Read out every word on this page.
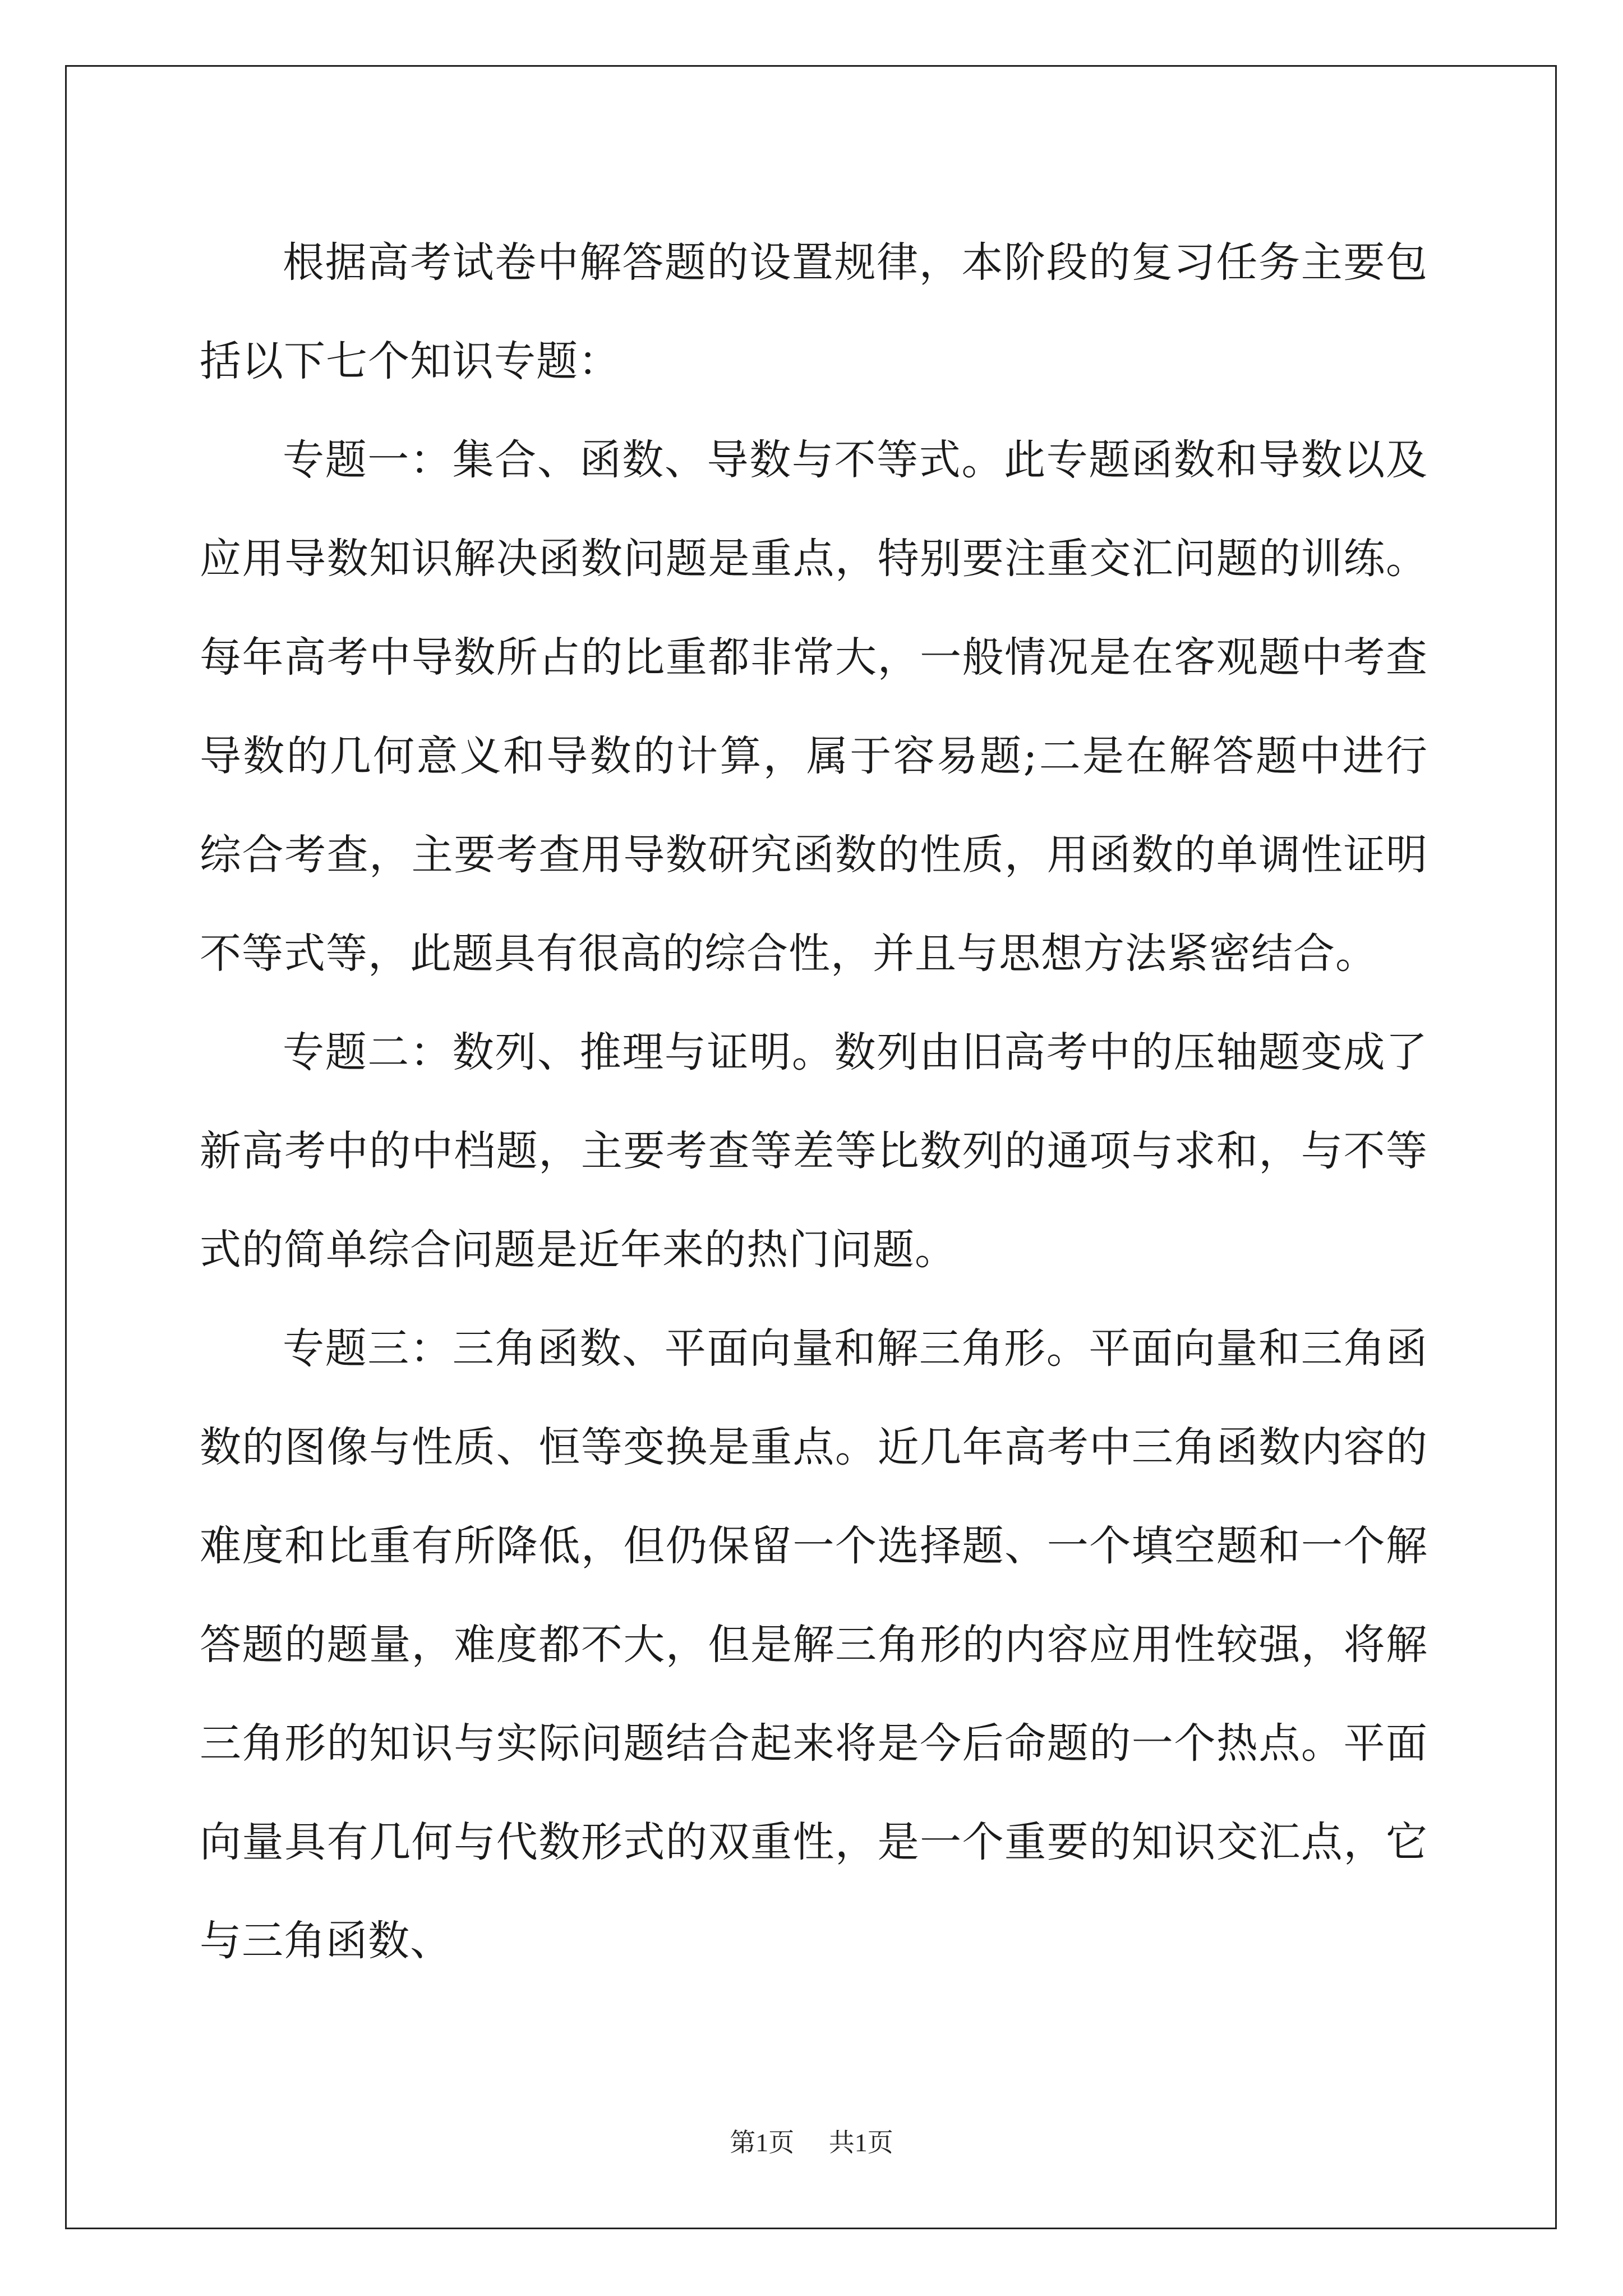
根据高考试卷中解答题的设置规律，本阶段的复习任务主要包括以下七个知识专题：

专题一：集合、函数、导数与不等式。此专题函数和导数以及应用导数知识解决函数问题是重点，特别要注重交汇问题的训练。每年高考中导数所占的比重都非常大，一般情况是在客观题中考查导数的几何意义和导数的计算，属于容易题;二是在解答题中进行综合考查，主要考查用导数研究函数的性质，用函数的单调性证明不等式等，此题具有很高的综合性，并且与思想方法紧密结合。

专题二：数列、推理与证明。数列由旧高考中的压轴题变成了新高考中的中档题，主要考查等差等比数列的通项与求和，与不等式的简单综合问题是近年来的热门问题。

专题三：三角函数、平面向量和解三角形。平面向量和三角函数的图像与性质、恒等变换是重点。近几年高考中三角函数内容的难度和比重有所降低，但仍保留一个选择题、一个填空题和一个解答题的题量，难度都不大，但是解三角形的内容应用性较强，将解三角形的知识与实际问题结合起来将是今后命题的一个热点。平面向量具有几何与代数形式的双重性，是一个重要的知识交汇点，它与三角函数、

第1页 共1页
